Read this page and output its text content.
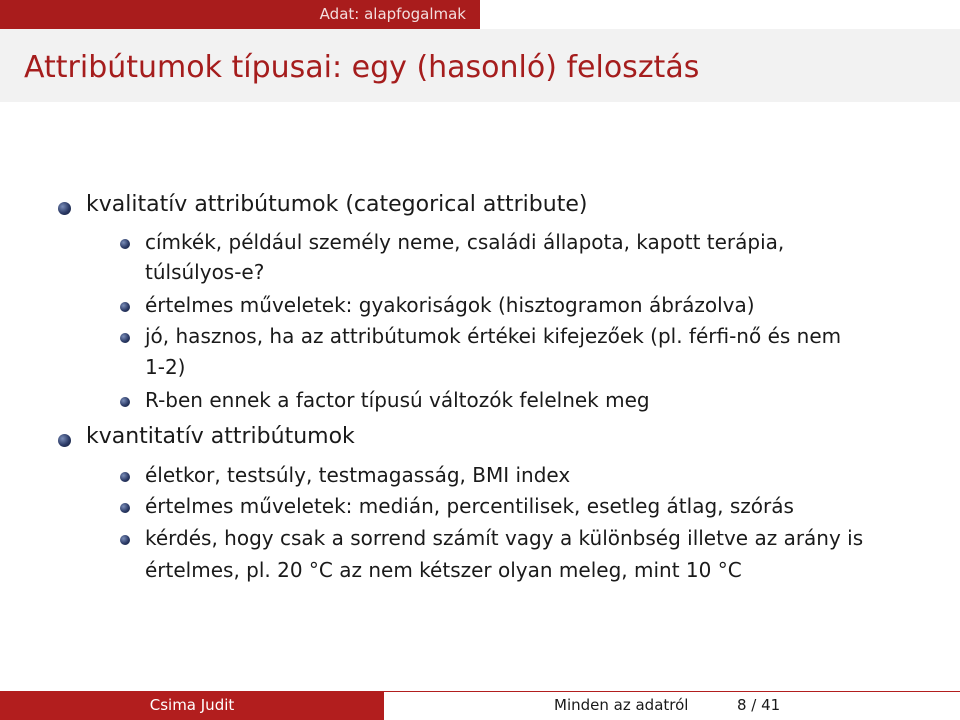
Adat: alapfogalmak
Attribútumok típusai: egy (hasonló) felosztás
kvalitatív attribútumok (categorical attribute)
címkék, például személy neme, családi állapota, kapott terápia,
túlsúlyos-e?
értelmes műveletek: gyakoriságok (hisztogramon ábrázolva)
jó, hasznos, ha az attribútumok értékei kifejezőek (pl. férfi-nő és nem
1-2)
R-ben ennek a factor típusú változók felelnek meg
kvantitatív attribútumok
életkor, testsúly, testmagasság, BMI index
értelmes műveletek: medián, percentilisek, esetleg átlag, szórás
kérdés, hogy csak a sorrend számít vagy a különbség illetve az arány is
értelmes, pl. 20 °C az nem kétszer olyan meleg, mint 10 °C
Csima Judit	Minden az adatról	8 / 41
